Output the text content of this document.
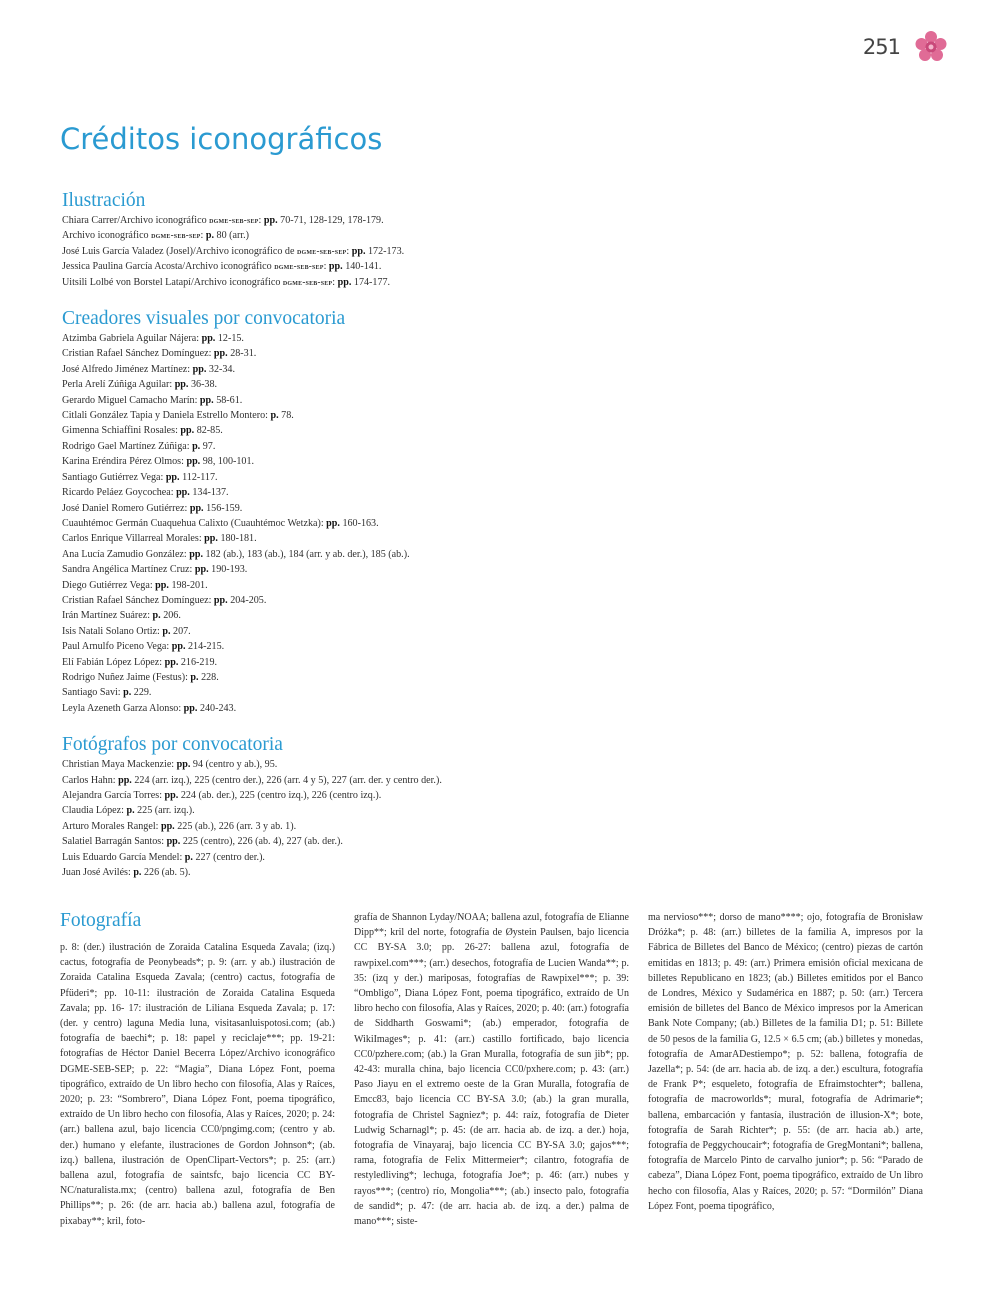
251
Créditos iconográficos
Ilustración
Chiara Carrer/Archivo iconográfico dgme-seb-sep: pp. 70-71, 128-129, 178-179.
Archivo iconográfico dgme-seb-sep: p. 80 (arr.)
José Luis García Valadez (Josel)/Archivo iconográfico de dgme-seb-sep: pp. 172-173.
Jessica Paulina García Acosta/Archivo iconográfico dgme-seb-sep: pp. 140-141.
Uitsili Lolbé von Borstel Latapí/Archivo iconográfico dgme-seb-sep: pp. 174-177.
Creadores visuales por convocatoria
Atzimba Gabriela Aguilar Nájera: pp. 12-15.
Cristian Rafael Sánchez Domínguez: pp. 28-31.
José Alfredo Jiménez Martínez: pp. 32-34.
Perla Arelí Zúñiga Aguilar: pp. 36-38.
Gerardo Miguel Camacho Marín: pp. 58-61.
Citlali González Tapia y Daniela Estrello Montero: p. 78.
Gimenna Schiaffini Rosales: pp. 82-85.
Rodrigo Gael Martínez Zúñiga: p. 97.
Karina Eréndira Pérez Olmos: pp. 98, 100-101.
Santiago Gutiérrez Vega: pp. 112-117.
Ricardo Peláez Goycochea: pp. 134-137.
José Daniel Romero Gutiérrez: pp. 156-159.
Cuauhtémoc Germán Cuaquehua Calixto (Cuauhtémoc Wetzka): pp. 160-163.
Carlos Enrique Villarreal Morales: pp. 180-181.
Ana Lucía Zamudio González: pp. 182 (ab.), 183 (ab.), 184 (arr. y ab. der.), 185 (ab.).
Sandra Angélica Martínez Cruz: pp. 190-193.
Diego Gutiérrez Vega: pp. 198-201.
Cristian Rafael Sánchez Domínguez: pp. 204-205.
Irán Martínez Suárez: p. 206.
Isis Natali Solano Ortiz: p. 207.
Paul Arnulfo Piceno Vega: pp. 214-215.
Elí Fabián López López: pp. 216-219.
Rodrigo Nuñez Jaime (Festus): p. 228.
Santiago Savi: p. 229.
Leyla Azeneth Garza Alonso: pp. 240-243.
Fotógrafos por convocatoria
Christian Maya Mackenzie: pp. 94 (centro y ab.), 95.
Carlos Hahn: pp. 224 (arr. izq.), 225 (centro der.), 226 (arr. 4 y 5), 227 (arr. der. y centro der.).
Alejandra García Torres: pp. 224 (ab. der.), 225 (centro izq.), 226 (centro izq.).
Claudia López: p. 225 (arr. izq.).
Arturo Morales Rangel: pp. 225 (ab.), 226 (arr. 3 y ab. 1).
Salatiel Barragán Santos: pp. 225 (centro), 226 (ab. 4), 227 (ab. der.).
Luis Eduardo García Mendel: p. 227 (centro der.).
Juan José Avilés: p. 226 (ab. 5).
Fotografía

p. 8: (der.) ilustración de Zoraida Catalina Esqueda Zavala; (izq.) cactus, fotografía de Peonybeads*; p. 9: (arr. y ab.) ilustración de Zoraida Catalina Esqueda Zavala; (centro) cactus, fotografía de Pfüderi*; pp. 10-11: ilustración de Zoraida Catalina Esqueda Zavala; pp. 16- 17: ilustración de Liliana Esqueda Zavala; p. 17: (der. y centro) laguna Media luna, visitasanluispotosi.com; (ab.) fotografía de baechi*; p. 18: papel y reciclaje***; pp. 19-21: fotografías de Héctor Daniel Becerra López/Archivo iconográfico DGME-SEB-SEP; p. 22: “Magia”, Diana López Font, poema tipográfico, extraído de Un libro hecho con filosofía, Alas y Raíces, 2020; p. 23: “Sombrero”, Diana López Font, poema tipográfico, extraído de Un libro hecho con filosofía, Alas y Raíces, 2020; p. 24: (arr.) ballena azul, bajo licencia CC0/pngimg.com; (centro y ab. der.) humano y elefante, ilustraciones de Gordon Johnson*; (ab. izq.) ballena, ilustración de OpenClipart-Vectors*; p. 25: (arr.) ballena azul, fotografía de saintsfc, bajo licencia CC BY-NC/naturalista.mx; (centro) ballena azul, fotografía de Ben Phillips**; p. 26: (de arr. hacia ab.) ballena azul, fotografía de pixabay**; kril, foto-

grafía de Shannon Lyday/NOAA; ballena azul, fotografía de Elianne Dipp**; kril del norte, fotografía de Øystein Paulsen, bajo licencia CC BY-SA 3.0; pp. 26-27: ballena azul, fotografía de rawpixel.com***; (arr.) desechos, fotografía de Lucien Wanda**; p. 35: (izq y der.) mariposas, fotografías de Rawpixel***; p. 39: “Ombligo”, Diana López Font, poema tipográfico, extraído de Un libro hecho con filosofía, Alas y Raíces, 2020; p. 40: (arr.) fotografía de Siddharth Goswami*; (ab.) emperador, fotografía de WikiImages*; p. 41: (arr.) castillo fortificado, bajo licencia CC0/pzhere.com; (ab.) la Gran Muralla, fotografía de sun jib*; pp. 42-43: muralla china, bajo licencia CC0/pxhere.com; p. 43: (arr.) Paso Jiayu en el extremo oeste de la Gran Muralla, fotografía de Emcc83, bajo licencia CC BY-SA 3.0; (ab.) la gran muralla, fotografía de Christel Sagniez*; p. 44: raíz, fotografía de Dieter Ludwig Scharnagl*; p. 45: (de arr. hacia ab. de izq. a der.) hoja, fotografía de Vinayaraj, bajo licencia CC BY-SA 3.0; gajos***; rama, fotografía de Felix Mittermeier*; cilantro, fotografía de restyledliving*; lechuga, fotografía Joe*; p. 46: (arr.) nubes y rayos***; (centro) río, Mongolia***; (ab.) insecto palo, fotografía de sandid*; p. 47: (de arr. hacia ab. de izq. a der.) palma de mano***; siste-

ma nervioso***; dorso de mano****; ojo, fotografía de Bronisław Dróżka*; p. 48: (arr.) billetes de la familia A, impresos por la Fábrica de Billetes del Banco de México; (centro) piezas de cartón emitidas en 1813; p. 49: (arr.) Primera emisión oficial mexicana de billetes Republicano en 1823; (ab.) Billetes emitidos por el Banco de Londres, México y Sudamérica en 1887; p. 50: (arr.) Tercera emisión de billetes del Banco de México impresos por la American Bank Note Company; (ab.) Billetes de la familia D1; p. 51: Billete de 50 pesos de la familia G, 12.5 × 6.5 cm; (ab.) billetes y monedas, fotografía de AmarADestiempo*; p. 52: ballena, fotografía de Jazella*; p. 54: (de arr. hacia ab. de izq. a der.) escultura, fotografía de Frank P*; esqueleto, fotografía de Efraimstochter*; ballena, fotografía de macroworlds*; mural, fotografía de Adrimarie*; ballena, embarcación y fantasía, ilustración de illusion-X*; bote, fotografía de Sarah Richter*; p. 55: (de arr. hacia ab.) arte, fotografía de Peggychoucair*; fotografía de GregMontani*; ballena, fotografía de Marcelo Pinto de carvalho junior*; p. 56: “Parado de cabeza”, Diana López Font, poema tipográfico, extraído de Un libro hecho con filosofía, Alas y Raíces, 2020; p. 57: “Dormilón” Diana López Font, poema tipográfico,
